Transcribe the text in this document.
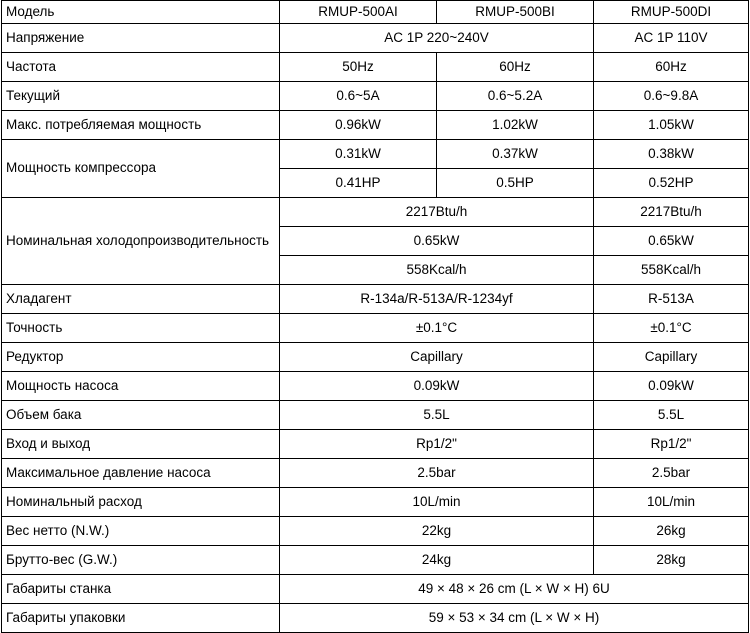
Модель	RMUP-500AI	RMUP-500BI	RMUP-500DI
Напряжение	AC 1P 220~240V		AC 1P 110V
Частота	50Hz	60Hz	60Hz
Текущий	0.6~5A	0.6~5.2A	0.6~9.8A
Макс. потребляемая мощность	0.96kW	1.02kW	1.05kW
Мощность компрессора	0.31kW	0.37kW	0.38kW
	0.41HP	0.5HP	0.52HP
Номинальная холодопроизводительность	2217Btu/h		2217Btu/h
	0.65kW		0.65kW
	558Kcal/h		558Kcal/h
Хладагент	R-134a/R-513A/R-1234yf		R-513A
Точность	±0.1°C		±0.1°C
Редуктор	Capillary		Capillary
Мощность насоса	0.09kW		0.09kW
Объем бака	5.5L		5.5L
Вход и выход	Rp1/2"		Rp1/2"
Максимальное давление насоса	2.5bar		2.5bar
Номинальный расход	10L/min		10L/min
Вес нетто (N.W.)	22kg		26kg
Брутто-вес (G.W.)	24kg		28kg
Габариты станка	49 × 48 × 26 cm (L × W × H) 6U		
Габариты упаковки	59 × 53 × 34 cm (L × W × H)		
